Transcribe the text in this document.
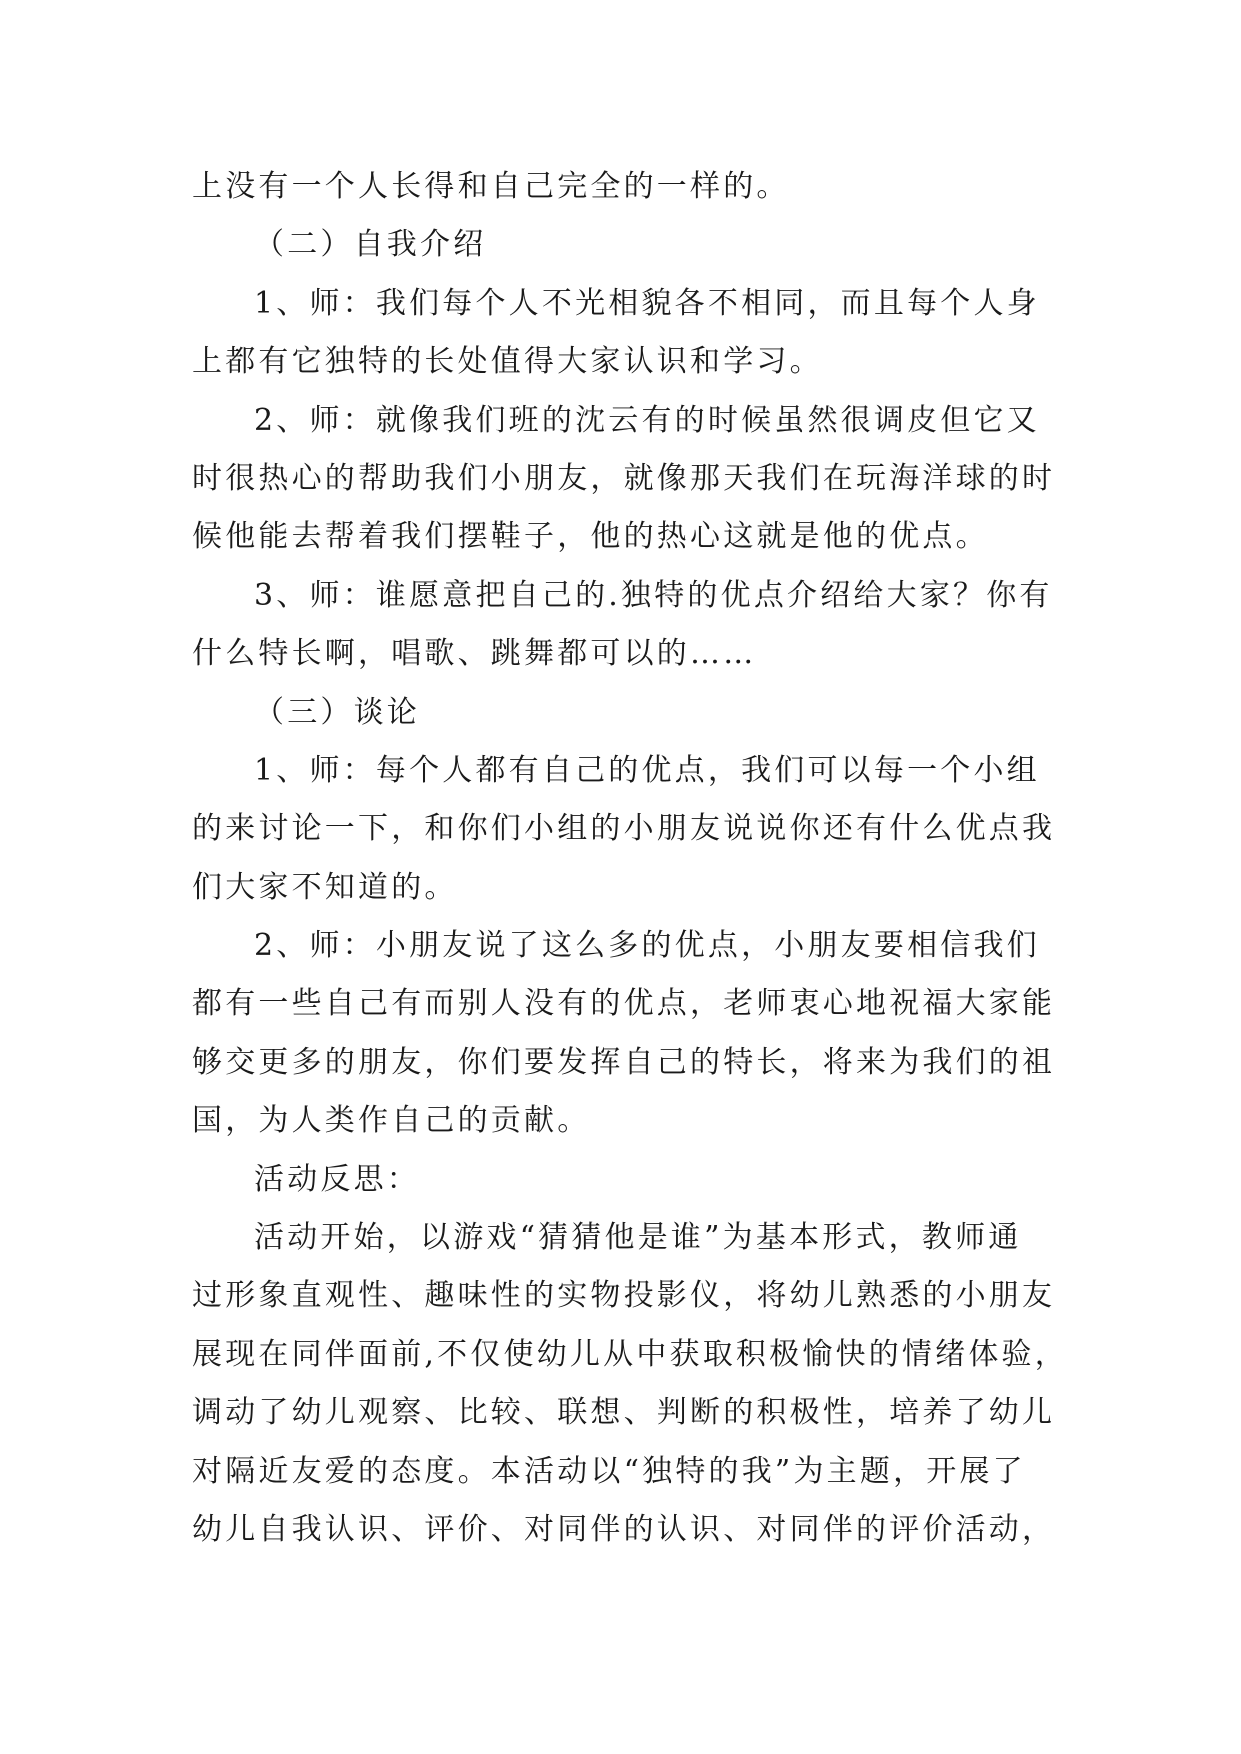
上没有一个人长得和自己完全的一样的。
（二）自我介绍
1、师：我们每个人不光相貌各不相同，而且每个人身
上都有它独特的长处值得大家认识和学习。
2、师：就像我们班的沈云有的时候虽然很调皮但它又
时很热心的帮助我们小朋友，就像那天我们在玩海洋球的时
候他能去帮着我们摆鞋子，他的热心这就是他的优点。
3、师：谁愿意把自己的.独特的优点介绍给大家？你有
什么特长啊，唱歌、跳舞都可以的……
（三）谈论
1、师：每个人都有自己的优点，我们可以每一个小组
的来讨论一下，和你们小组的小朋友说说你还有什么优点我
们大家不知道的。
2、师：小朋友说了这么多的优点，小朋友要相信我们
都有一些自己有而别人没有的优点，老师衷心地祝福大家能
够交更多的朋友，你们要发挥自己的特长，将来为我们的祖
国，为人类作自己的贡献。
活动反思：
活动开始，以游戏“猜猜他是谁”为基本形式，教师通
过形象直观性、趣味性的实物投影仪，将幼儿熟悉的小朋友
展现在同伴面前,不仅使幼儿从中获取积极愉快的情绪体验，
调动了幼儿观察、比较、联想、判断的积极性，培养了幼儿
对隔近友爱的态度。本活动以“独特的我”为主题，开展了
幼儿自我认识、评价、对同伴的认识、对同伴的评价活动，
